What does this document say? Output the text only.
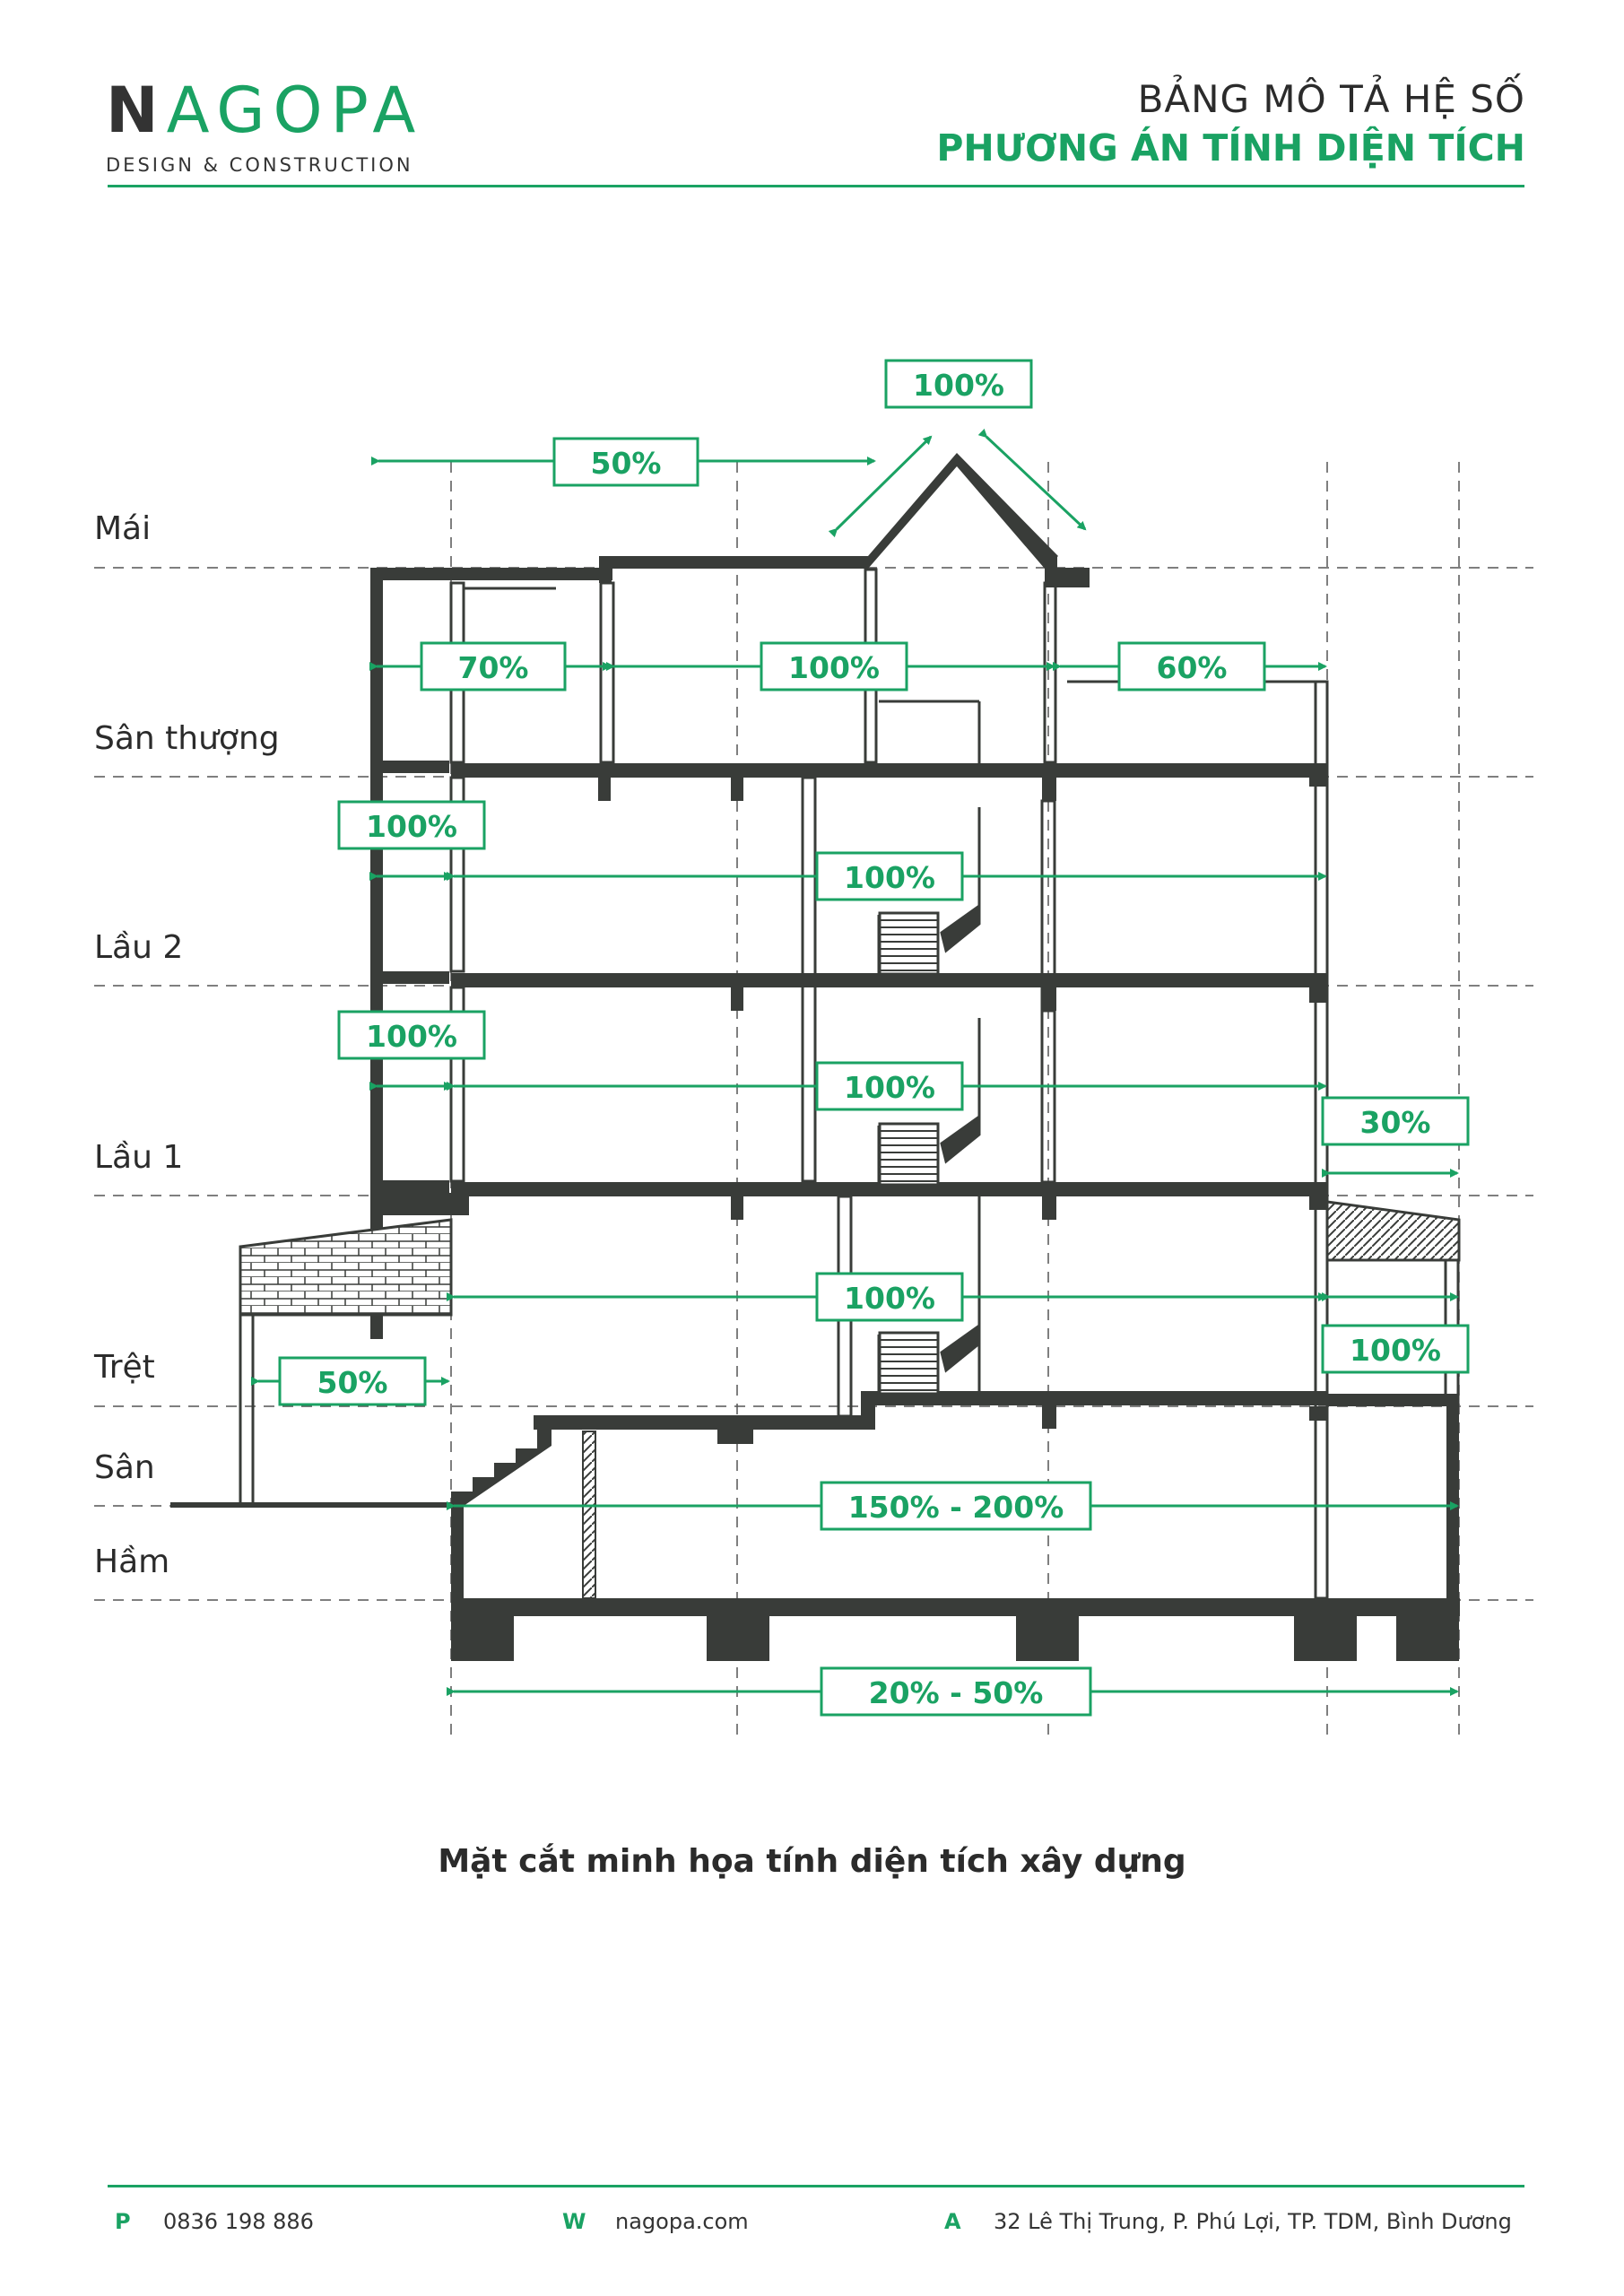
NAGOPA
DESIGN & CONSTRUCTION
BẢNG MÔ TẢ HỆ SỐ
PHƯƠNG ÁN TÍNH DIỆN TÍCH
100%
50%
70%	100%	60%
100%
100%
100%
100%
30%
100%
100%
50%
150% - 200%
20% - 50%
Mái
Sân thượng
Lầu 2
Lầu 1
Trệt
Sân
Hầm
Mặt cắt minh họa tính diện tích xây dựng
P 0836 198 886	W nagopa.com	A 32 Lê Thị Trung, P. Phú Lợi, TP. TDM, Bình Dương
